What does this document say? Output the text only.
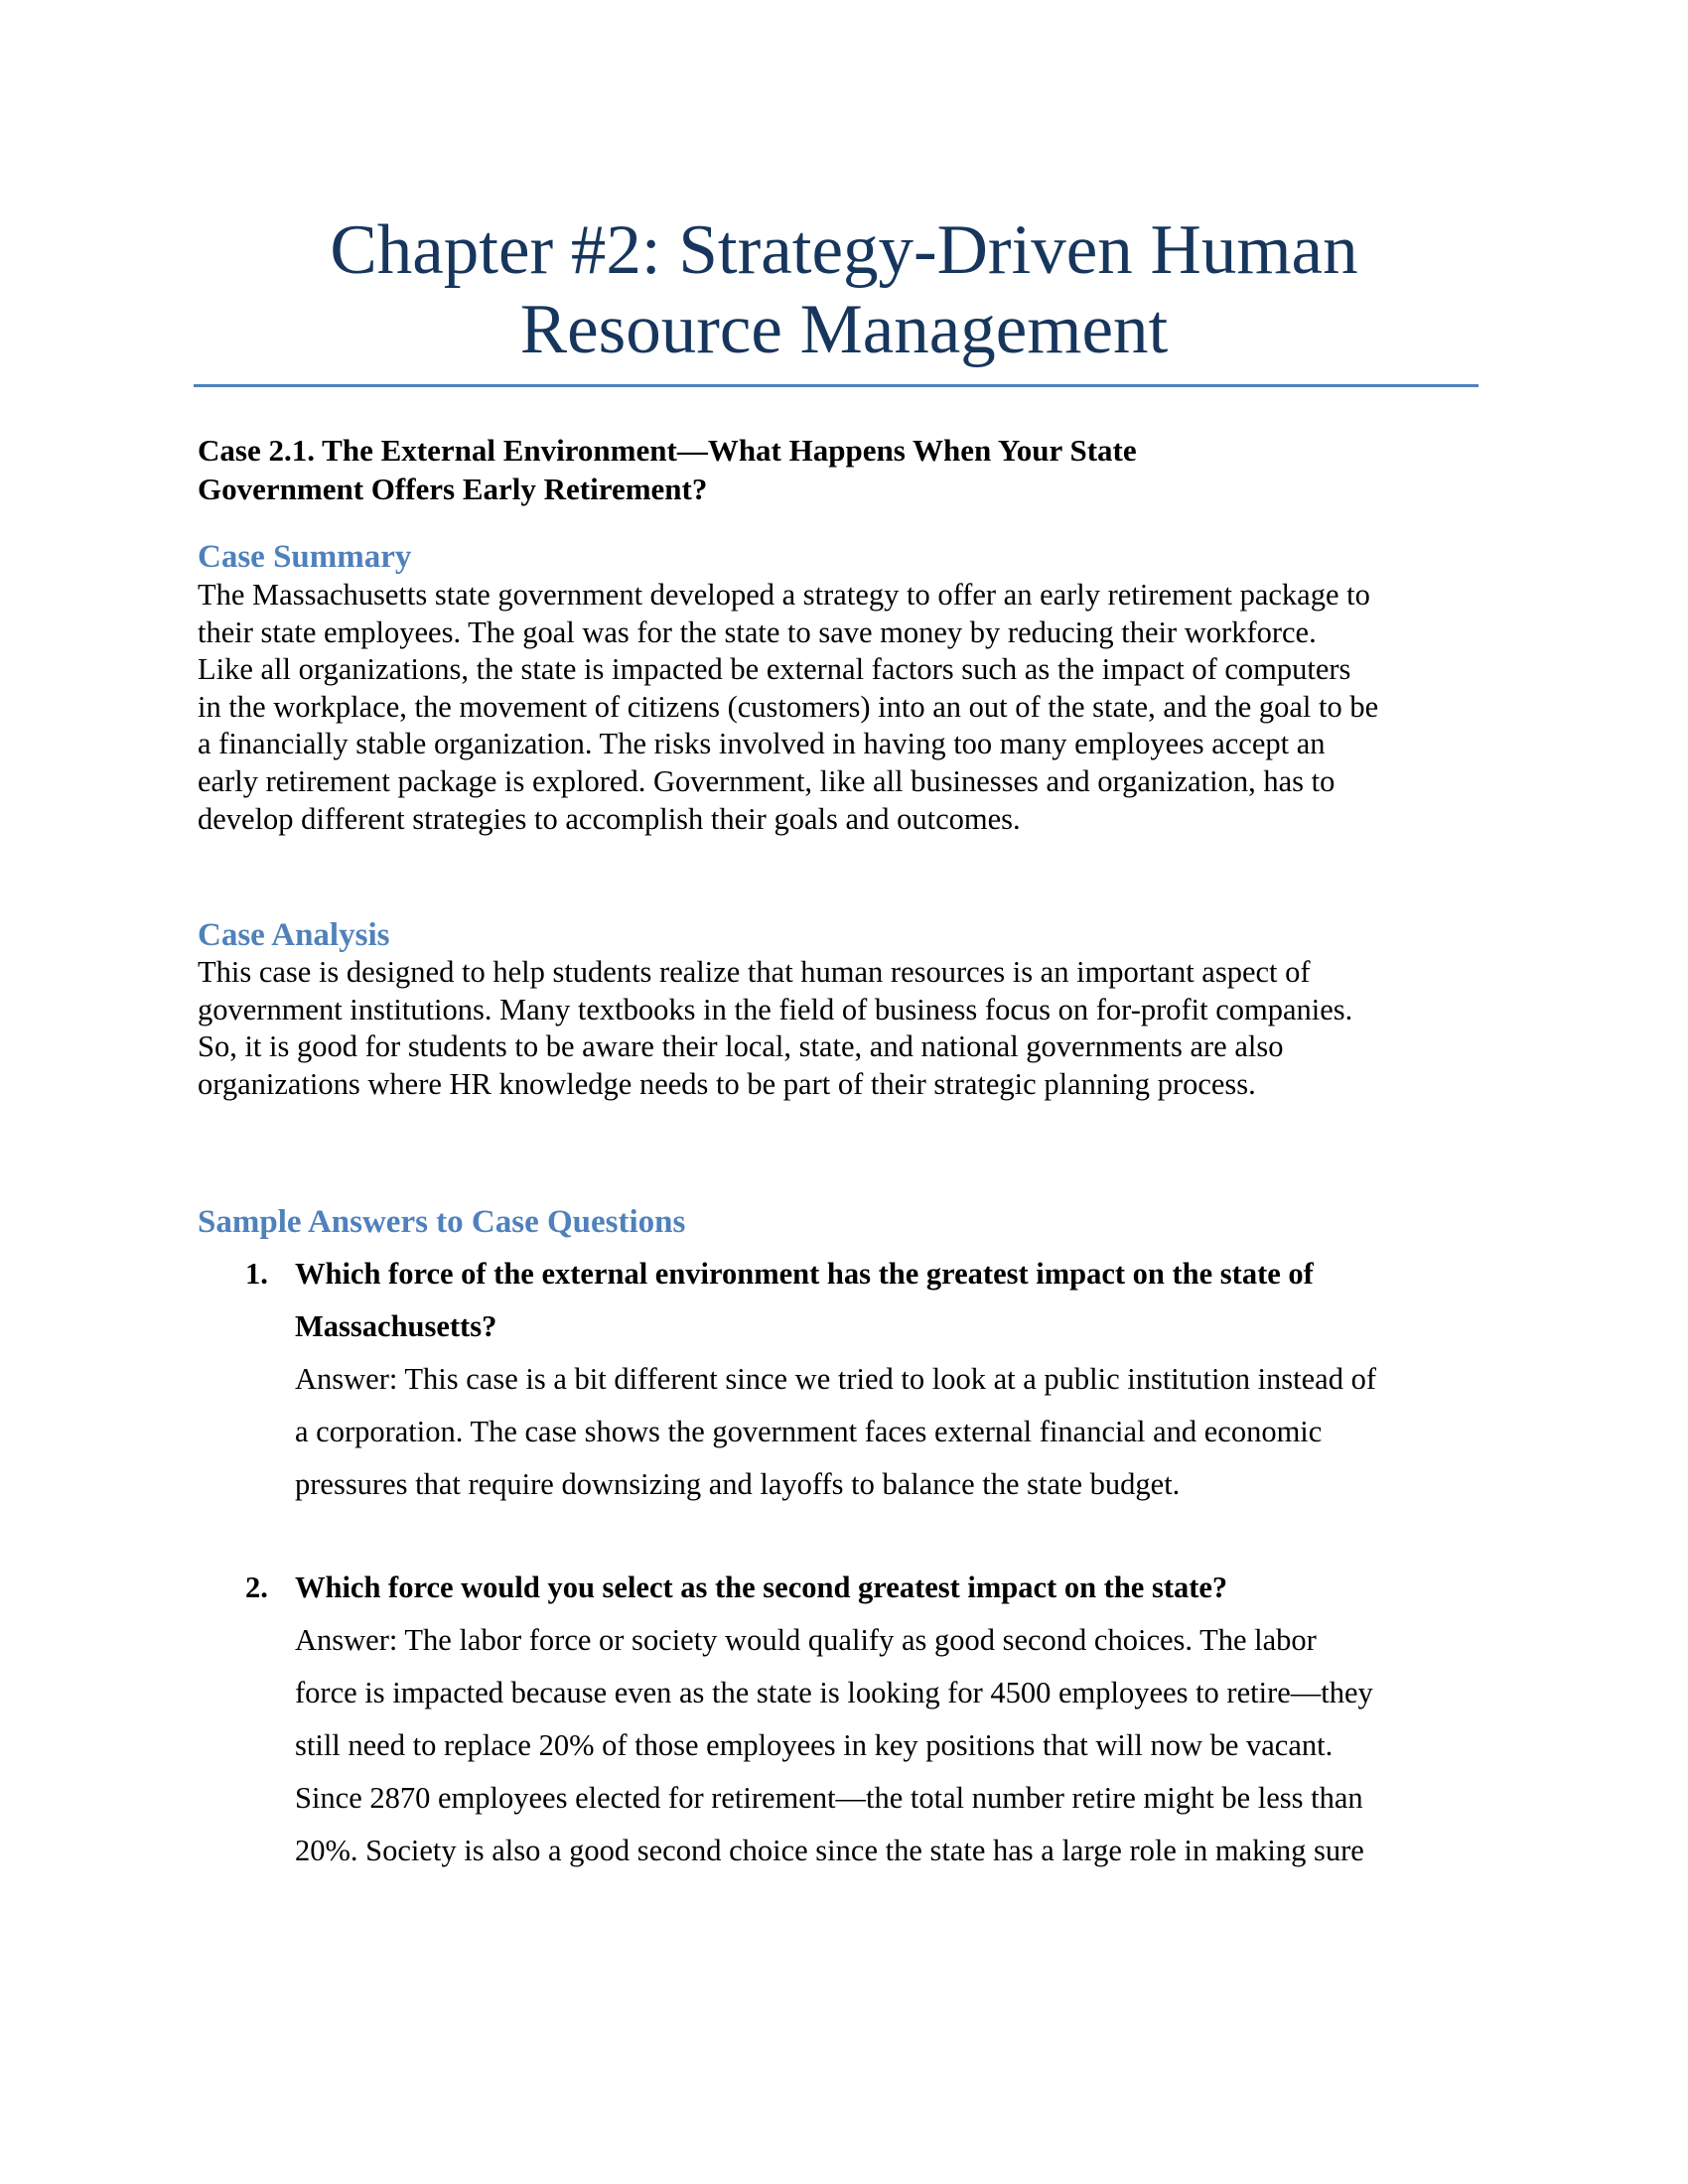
Chapter #2: Strategy-Driven Human
Resource Management
Case 2.1. The External Environment—What Happens When Your State
Government Offers Early Retirement?
Case Summary
The Massachusetts state government developed a strategy to offer an early retirement package to
their state employees. The goal was for the state to save money by reducing their workforce.
Like all organizations, the state is impacted be external factors such as the impact of computers
in the workplace, the movement of citizens (customers) into an out of the state, and the goal to be
a financially stable organization. The risks involved in having too many employees accept an
early retirement package is explored. Government, like all businesses and organization, has to
develop different strategies to accomplish their goals and outcomes.
Case Analysis
This case is designed to help students realize that human resources is an important aspect of
government institutions. Many textbooks in the field of business focus on for-profit companies.
So, it is good for students to be aware their local, state, and national governments are also
organizations where HR knowledge needs to be part of their strategic planning process.
Sample Answers to Case Questions
1. Which force of the external environment has the greatest impact on the state of
Massachusetts?
Answer: This case is a bit different since we tried to look at a public institution instead of
a corporation. The case shows the government faces external financial and economic
pressures that require downsizing and layoffs to balance the state budget.
2. Which force would you select as the second greatest impact on the state?
Answer: The labor force or society would qualify as good second choices. The labor
force is impacted because even as the state is looking for 4500 employees to retire—they
still need to replace 20% of those employees in key positions that will now be vacant.
Since 2870 employees elected for retirement—the total number retire might be less than
20%. Society is also a good second choice since the state has a large role in making sure
